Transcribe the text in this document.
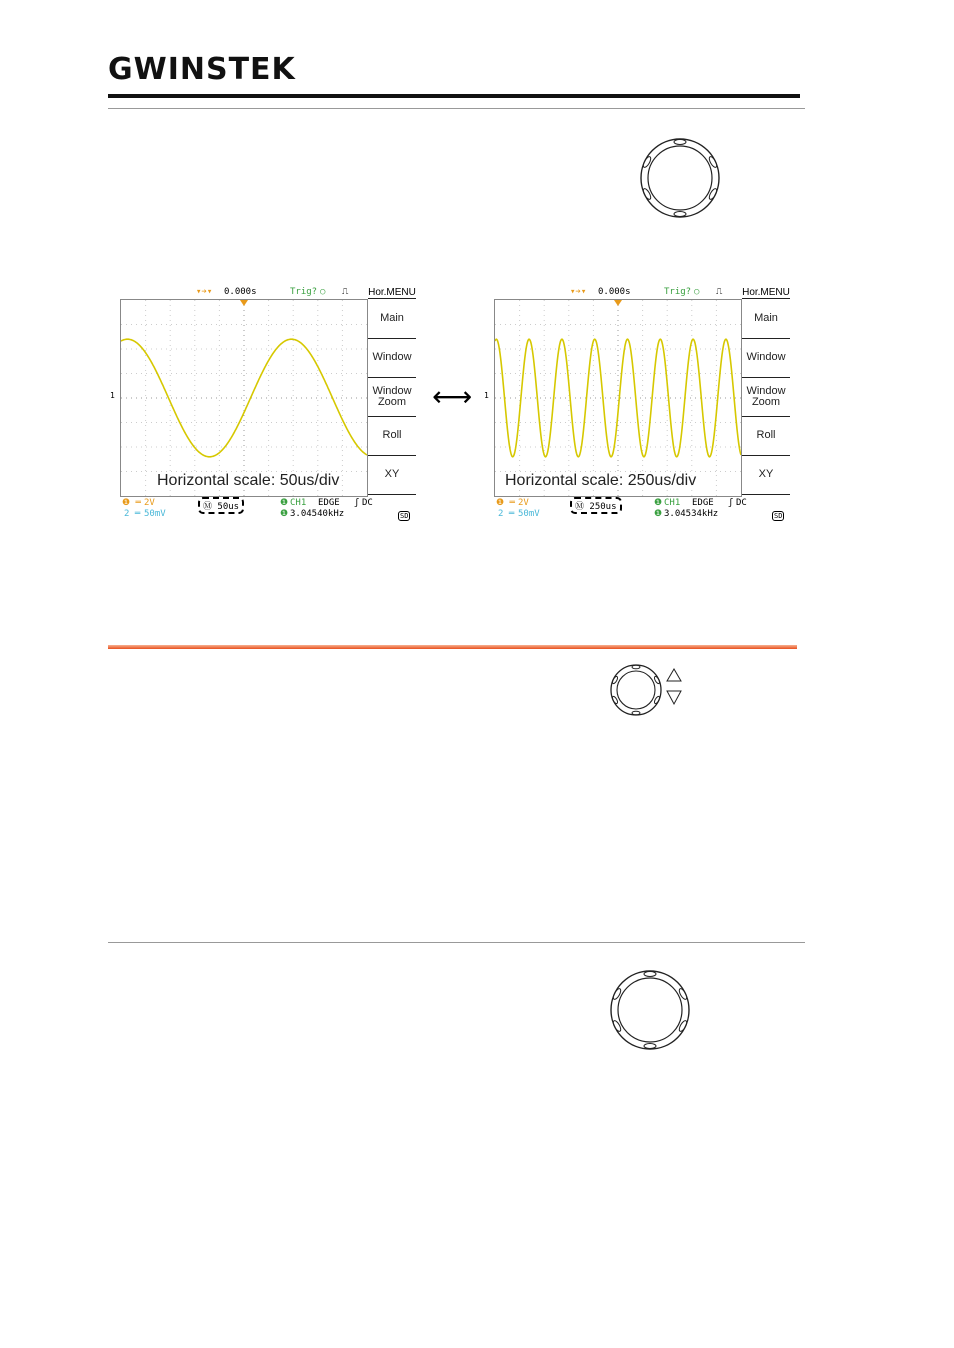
GWINSTEK
▾➔▾ 0.000s	Trig? ○ ⎍ Hor.MENU
Horizontal scale: 50us/div
1
Main
Window
Window Zoom
Roll
XY
❶ ═ 2V
2 ═ 50mV
Ⓜ 50us	❶ CH1 EDGE ʃ DC
❶ 3.04540kHz	SD
⟷
▾➔▾ 0.000s	Trig? ○ ⎍ Hor.MENU
Horizontal scale: 250us/div
1
Main
Window
Window Zoom
Roll
XY
❶ ═ 2V
2 ═ 50mV
Ⓜ 250us	❶ CH1 EDGE ʃ DC
❶ 3.04534kHz	SD
